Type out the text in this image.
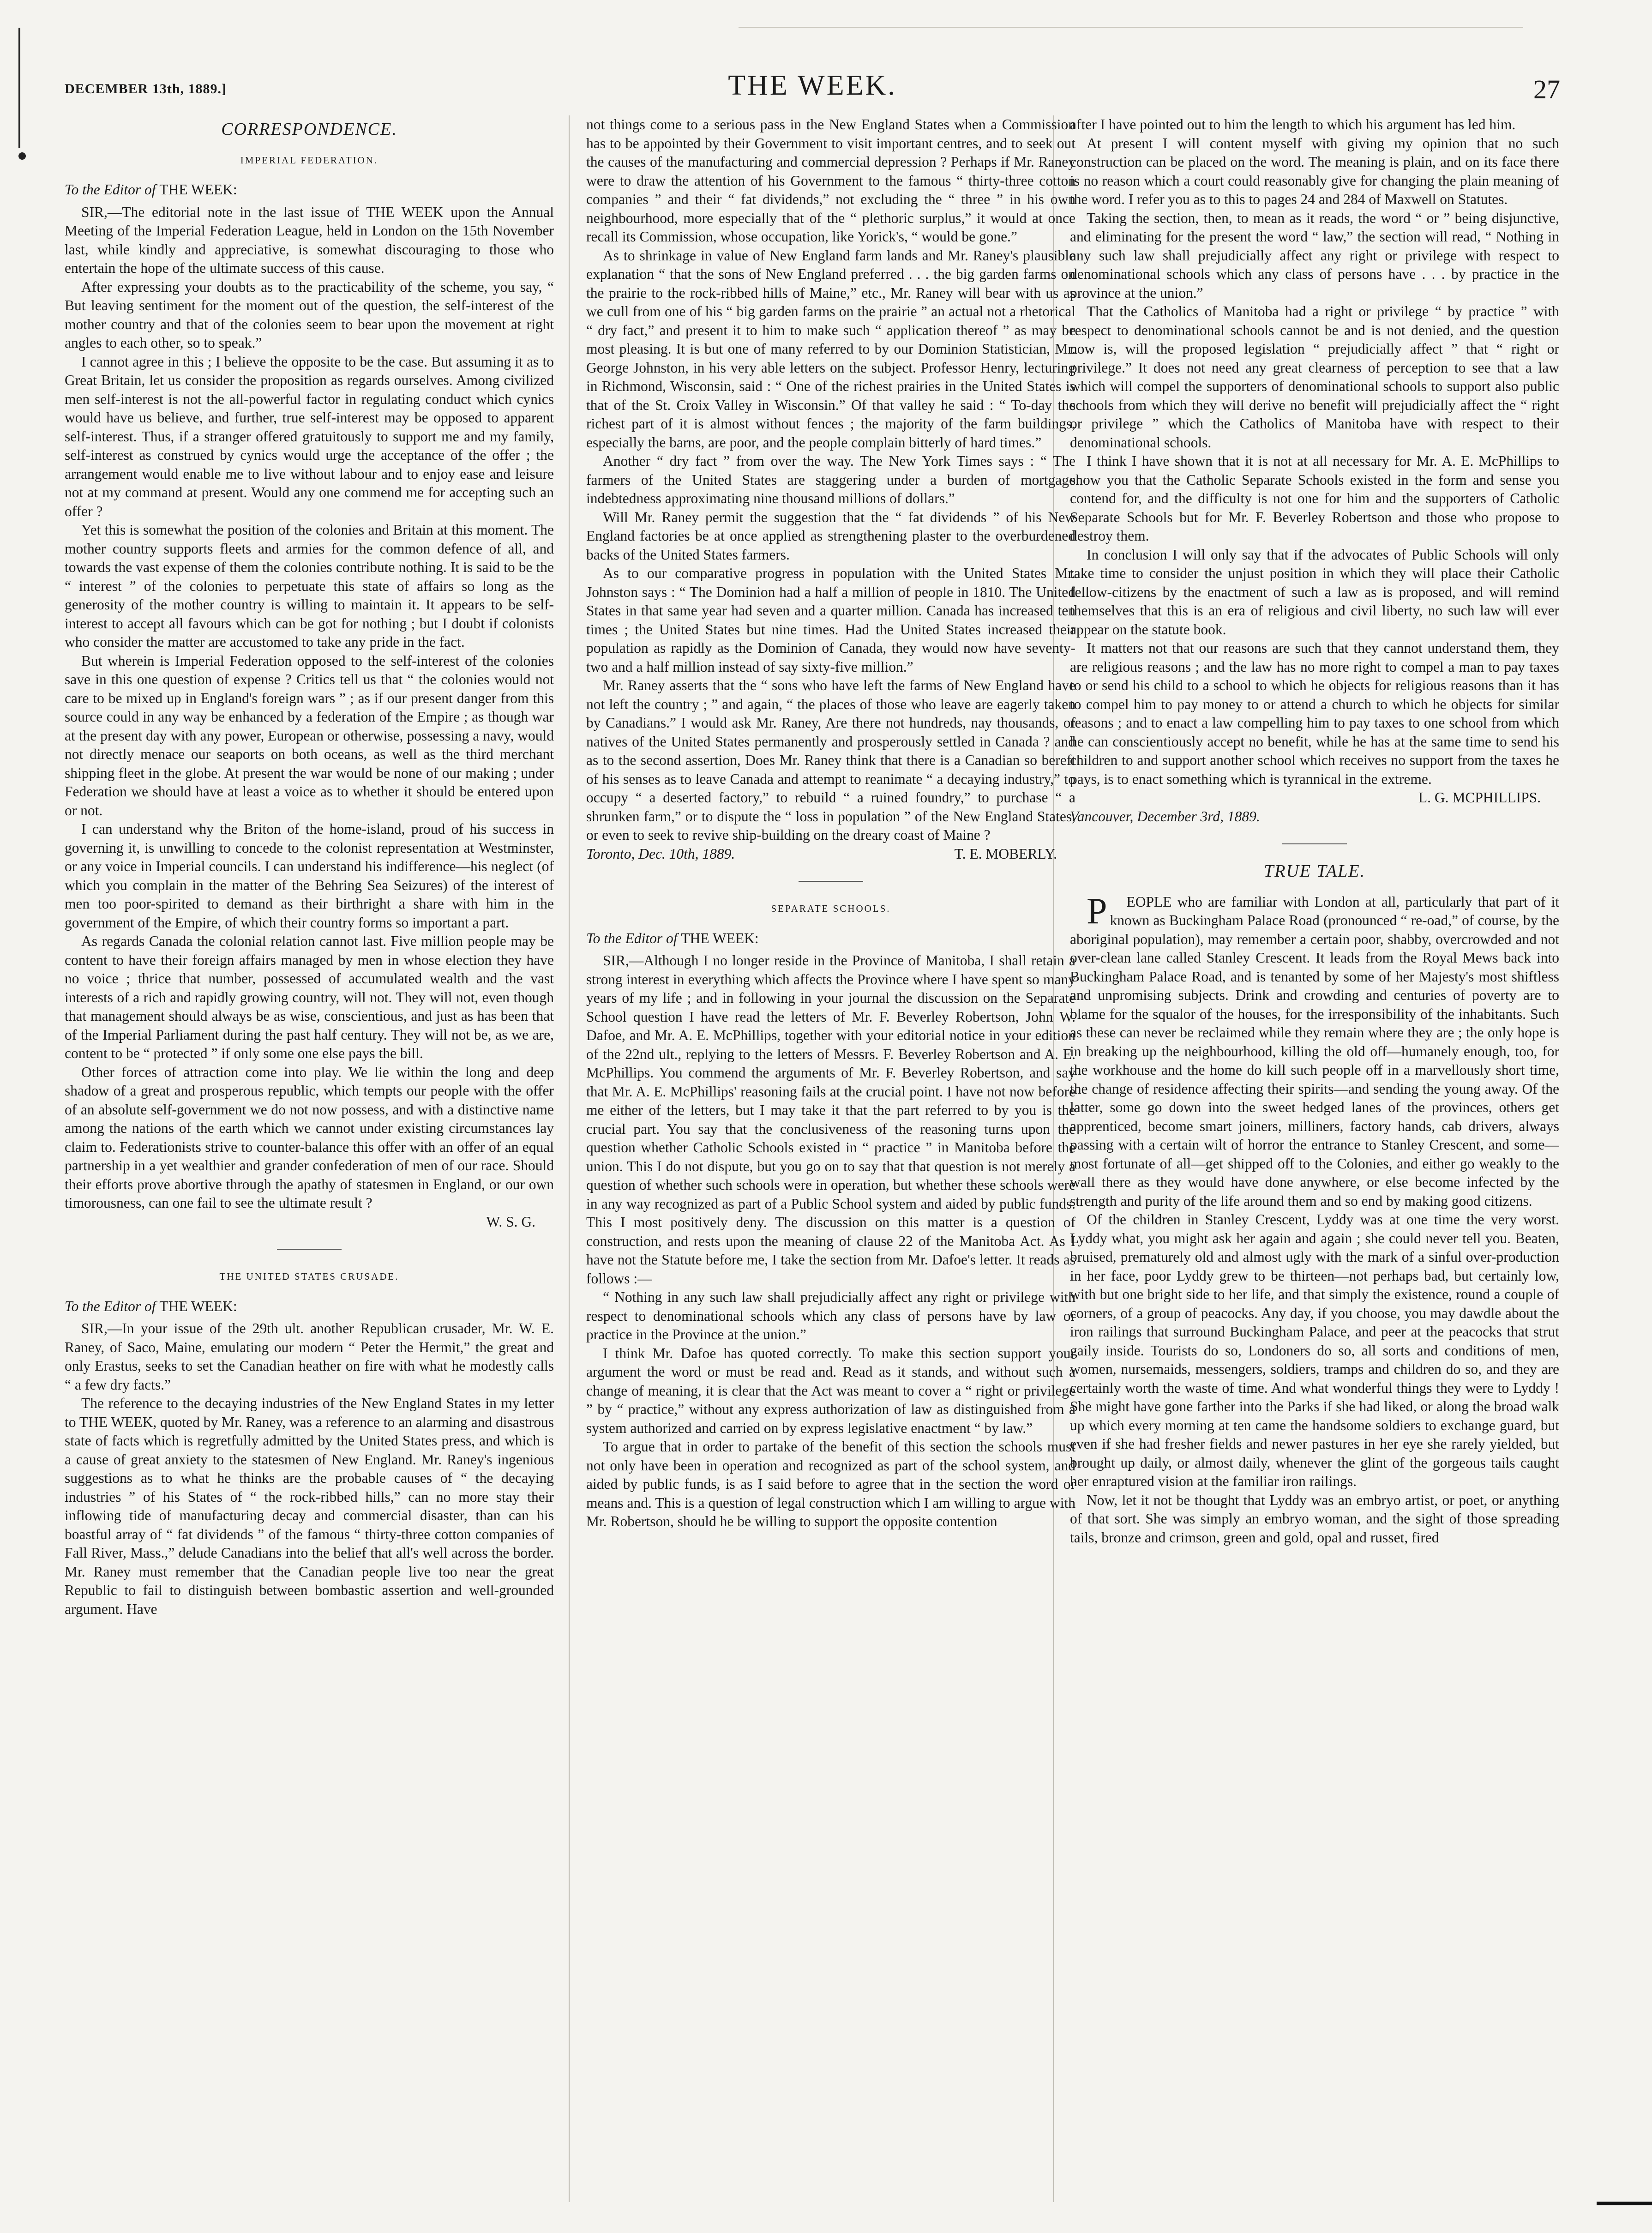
DECEMBER 13th, 1889.]	THE WEEK.	27
CORRESPONDENCE.
IMPERIAL FEDERATION.

To the Editor of THE WEEK:

SIR,—The editorial note in the last issue of THE WEEK upon the Annual Meeting of the Imperial Federation League, held in London on the 15th November last, while kindly and appreciative, is somewhat discouraging to those who entertain the hope of the ultimate success of this cause.

After expressing your doubts as to the practicability of the scheme, you say, “ But leaving sentiment for the moment out of the question, the self-interest of the mother country and that of the colonies seem to bear upon the movement at right angles to each other, so to speak.”

I cannot agree in this ; I believe the opposite to be the case. But assuming it as to Great Britain, let us consider the proposition as regards ourselves. Among civilized men self-interest is not the all-powerful factor in regulating conduct which cynics would have us believe, and further, true self-interest may be opposed to apparent self-interest. Thus, if a stranger offered gratuitously to support me and my family, self-interest as construed by cynics would urge the acceptance of the offer ; the arrangement would enable me to live without labour and to enjoy ease and leisure not at my command at present. Would any one commend me for accepting such an offer ?

Yet this is somewhat the position of the colonies and Britain at this moment. The mother country supports fleets and armies for the common defence of all, and towards the vast expense of them the colonies contribute nothing. It is said to be the “ interest ” of the colonies to perpetuate this state of affairs so long as the generosity of the mother country is willing to maintain it. It appears to be self-interest to accept all favours which can be got for nothing ; but I doubt if colonists who consider the matter are accustomed to take any pride in the fact.

But wherein is Imperial Federation opposed to the self-interest of the colonies save in this one question of expense ? Critics tell us that “ the colonies would not care to be mixed up in England's foreign wars ” ; as if our present danger from this source could in any way be enhanced by a federation of the Empire ; as though war at the present day with any power, European or otherwise, possessing a navy, would not directly menace our seaports on both oceans, as well as the third merchant shipping fleet in the globe. At present the war would be none of our making ; under Federation we should have at least a voice as to whether it should be entered upon or not.

I can understand why the Briton of the home-island, proud of his success in governing it, is unwilling to concede to the colonist representation at Westminster, or any voice in Imperial councils. I can understand his indifference—his neglect (of which you complain in the matter of the Behring Sea Seizures) of the interest of men too poor-spirited to demand as their birthright a share with him in the government of the Empire, of which their country forms so important a part.

As regards Canada the colonial relation cannot last. Five million people may be content to have their foreign affairs managed by men in whose election they have no voice ; thrice that number, possessed of accumulated wealth and the vast interests of a rich and rapidly growing country, will not. They will not, even though that management should always be as wise, conscientious, and just as has been that of the Imperial Parliament during the past half century. They will not be, as we are, content to be “ protected ” if only some one else pays the bill.

Other forces of attraction come into play. We lie within the long and deep shadow of a great and prosperous republic, which tempts our people with the offer of an absolute self-government we do not now possess, and with a distinctive name among the nations of the earth which we cannot under existing circumstances lay claim to. Federationists strive to counter-balance this offer with an offer of an equal partnership in a yet wealthier and grander confederation of men of our race. Should their efforts prove abortive through the apathy of statesmen in England, or our own timorousness, can one fail to see the ultimate result ?

W. S. G.

THE UNITED STATES CRUSADE.

To the Editor of THE WEEK:

SIR,—In your issue of the 29th ult. another Republican crusader, Mr. W. E. Raney, of Saco, Maine, emulating our modern “ Peter the Hermit,” the great and only Erastus, seeks to set the Canadian heather on fire with what he modestly calls “ a few dry facts.”

The reference to the decaying industries of the New England States in my letter to THE WEEK, quoted by Mr. Raney, was a reference to an alarming and disastrous state of facts which is regretfully admitted by the United States press, and which is a cause of great anxiety to the statesmen of New England. Mr. Raney's ingenious suggestions as to what he thinks are the probable causes of “ the decaying industries ” of his States of “ the rock-ribbed hills,” can no more stay their inflowing tide of manufacturing decay and commercial disaster, than can his boastful array of “ fat dividends ” of the famous “ thirty-three cotton companies of Fall River, Mass.,” delude Canadians into the belief that all's well across the border. Mr. Raney must remember that the Canadian people live too near the great Republic to fail to distinguish between bombastic assertion and well-grounded argument. Have

not things come to a serious pass in the New England States when a Commission has to be appointed by their Government to visit important centres, and to seek out the causes of the manufacturing and commercial depression ? Perhaps if Mr. Raney were to draw the attention of his Government to the famous “ thirty-three cotton companies ” and their “ fat dividends,” not excluding the “ three ” in his own neighbourhood, more especially that of the “ plethoric surplus,” it would at once recall its Commission, whose occupation, like Yorick's, “ would be gone.”

As to shrinkage in value of New England farm lands and Mr. Raney's plausible explanation “ that the sons of New England preferred . . . the big garden farms on the prairie to the rock-ribbed hills of Maine,” etc., Mr. Raney will bear with us as we cull from one of his “ big garden farms on the prairie ” an actual not a rhetorical “ dry fact,” and present it to him to make such “ application thereof ” as may be most pleasing. It is but one of many referred to by our Dominion Statistician, Mr. George Johnston, in his very able letters on the subject. Professor Henry, lecturing in Richmond, Wisconsin, said : “ One of the richest prairies in the United States is that of the St. Croix Valley in Wisconsin.” Of that valley he said : “ To-day the richest part of it is almost without fences ; the majority of the farm buildings, especially the barns, are poor, and the people complain bitterly of hard times.”

Another “ dry fact ” from over the way. The New York Times says : “ The farmers of the United States are staggering under a burden of mortgage indebtedness approximating nine thousand millions of dollars.”

Will Mr. Raney permit the suggestion that the “ fat dividends ” of his New England factories be at once applied as strengthening plaster to the overburdened backs of the United States farmers.

As to our comparative progress in population with the United States Mr. Johnston says : “ The Dominion had a half a million of people in 1810. The United States in that same year had seven and a quarter million. Canada has increased ten times ; the United States but nine times. Had the United States increased their population as rapidly as the Dominion of Canada, they would now have seventy-two and a half million instead of say sixty-five million.”

Mr. Raney asserts that the “ sons who have left the farms of New England have not left the country ; ” and again, “ the places of those who leave are eagerly taken by Canadians.” I would ask Mr. Raney, Are there not hundreds, nay thousands, of natives of the United States permanently and prosperously settled in Canada ? and as to the second assertion, Does Mr. Raney think that there is a Canadian so bereft of his senses as to leave Canada and attempt to reanimate “ a decaying industry,” to occupy “ a deserted factory,” to rebuild “ a ruined foundry,” to purchase “ a shrunken farm,” or to dispute the “ loss in population ” of the New England States, or even to seek to revive ship-building on the dreary coast of Maine ?

Toronto, Dec. 10th, 1889.	T. E. MOBERLY.

SEPARATE SCHOOLS.

To the Editor of THE WEEK:

SIR,—Although I no longer reside in the Province of Manitoba, I shall retain a strong interest in everything which affects the Province where I have spent so many years of my life ; and in following in your journal the discussion on the Separate School question I have read the letters of Mr. F. Beverley Robertson, John W. Dafoe, and Mr. A. E. McPhillips, together with your editorial notice in your edition of the 22nd ult., replying to the letters of Messrs. F. Beverley Robertson and A. E. McPhillips. You commend the arguments of Mr. F. Beverley Robertson, and say that Mr. A. E. McPhillips' reasoning fails at the crucial point. I have not now before me either of the letters, but I may take it that the part referred to by you is the crucial part. You say that the conclusiveness of the reasoning turns upon the question whether Catholic Schools existed in “ practice ” in Manitoba before the union. This I do not dispute, but you go on to say that that question is not merely a question of whether such schools were in operation, but whether these schools were in any way recognized as part of a Public School system and aided by public funds. This I most positively deny. The discussion on this matter is a question of construction, and rests upon the meaning of clause 22 of the Manitoba Act. As I have not the Statute before me, I take the section from Mr. Dafoe's letter. It reads as follows :—

“ Nothing in any such law shall prejudicially affect any right or privilege with respect to denominational schools which any class of persons have by law or practice in the Province at the union.”

I think Mr. Dafoe has quoted correctly. To make this section support your argument the word or must be read and. Read as it stands, and without such a change of meaning, it is clear that the Act was meant to cover a “ right or privilege ” by “ practice,” without any express authorization of law as distinguished from a system authorized and carried on by express legislative enactment “ by law.”

To argue that in order to partake of the benefit of this section the schools must not only have been in operation and recognized as part of the school system, and aided by public funds, is as I said before to agree that in the section the word or means and. This is a question of legal construction which I am willing to argue with Mr. Robertson, should he be willing to support the opposite contention

after I have pointed out to him the length to which his argument has led him.

At present I will content myself with giving my opinion that no such construction can be placed on the word. The meaning is plain, and on its face there is no reason which a court could reasonably give for changing the plain meaning of the word. I refer you as to this to pages 24 and 284 of Maxwell on Statutes.

Taking the section, then, to mean as it reads, the word “ or ” being disjunctive, and eliminating for the present the word “ law,” the section will read, “ Nothing in any such law shall prejudicially affect any right or privilege with respect to denominational schools which any class of persons have . . . by practice in the province at the union.”

That the Catholics of Manitoba had a right or privilege “ by practice ” with respect to denominational schools cannot be and is not denied, and the question now is, will the proposed legislation “ prejudicially affect ” that “ right or privilege.” It does not need any great clearness of perception to see that a law which will compel the supporters of denominational schools to support also public schools from which they will derive no benefit will prejudicially affect the “ right or privilege ” which the Catholics of Manitoba have with respect to their denominational schools.

I think I have shown that it is not at all necessary for Mr. A. E. McPhillips to show you that the Catholic Separate Schools existed in the form and sense you contend for, and the difficulty is not one for him and the supporters of Catholic Separate Schools but for Mr. F. Beverley Robertson and those who propose to destroy them.

In conclusion I will only say that if the advocates of Public Schools will only take time to consider the unjust position in which they will place their Catholic fellow-citizens by the enactment of such a law as is proposed, and will remind themselves that this is an era of religious and civil liberty, no such law will ever appear on the statute book.

It matters not that our reasons are such that they cannot understand them, they are religious reasons ; and the law has no more right to compel a man to pay taxes to or send his child to a school to which he objects for religious reasons than it has to compel him to pay money to or attend a church to which he objects for similar reasons ; and to enact a law compelling him to pay taxes to one school from which he can conscientiously accept no benefit, while he has at the same time to send his children to and support another school which receives no support from the taxes he pays, is to enact something which is tyrannical in the extreme.

L. G. MCPHILLIPS.

Vancouver, December 3rd, 1889.

TRUE TALE.

PEOPLE who are familiar with London at all, particularly that part of it known as Buckingham Palace Road (pronounced “ re-oad,” of course, by the aboriginal population), may remember a certain poor, shabby, overcrowded and not over-clean lane called Stanley Crescent. It leads from the Royal Mews back into Buckingham Palace Road, and is tenanted by some of her Majesty's most shiftless and unpromising subjects. Drink and crowding and centuries of poverty are to blame for the squalor of the houses, for the irresponsibility of the inhabitants. Such as these can never be reclaimed while they remain where they are ; the only hope is in breaking up the neighbourhood, killing the old off—humanely enough, too, for the workhouse and the home do kill such people off in a marvellously short time, the change of residence affecting their spirits—and sending the young away. Of the latter, some go down into the sweet hedged lanes of the provinces, others get apprenticed, become smart joiners, milliners, factory hands, cab drivers, always passing with a certain wilt of horror the entrance to Stanley Crescent, and some—most fortunate of all—get shipped off to the Colonies, and either go weakly to the wall there as they would have done anywhere, or else become infected by the strength and purity of the life around them and so end by making good citizens.

Of the children in Stanley Crescent, Lyddy was at one time the very worst. Lyddy what, you might ask her again and again ; she could never tell you. Beaten, bruised, prematurely old and almost ugly with the mark of a sinful over-production in her face, poor Lyddy grew to be thirteen—not perhaps bad, but certainly low, with but one bright side to her life, and that simply the existence, round a couple of corners, of a group of peacocks. Any day, if you choose, you may dawdle about the iron railings that surround Buckingham Palace, and peer at the peacocks that strut gaily inside. Tourists do so, Londoners do so, all sorts and conditions of men, women, nursemaids, messengers, soldiers, tramps and children do so, and they are certainly worth the waste of time. And what wonderful things they were to Lyddy ! She might have gone farther into the Parks if she had liked, or along the broad walk up which every morning at ten came the handsome soldiers to exchange guard, but even if she had fresher fields and newer pastures in her eye she rarely yielded, but brought up daily, or almost daily, whenever the glint of the gorgeous tails caught her enraptured vision at the familiar iron railings.

Now, let it not be thought that Lyddy was an embryo artist, or poet, or anything of that sort. She was simply an embryo woman, and the sight of those spreading tails, bronze and crimson, green and gold, opal and russet, fired
